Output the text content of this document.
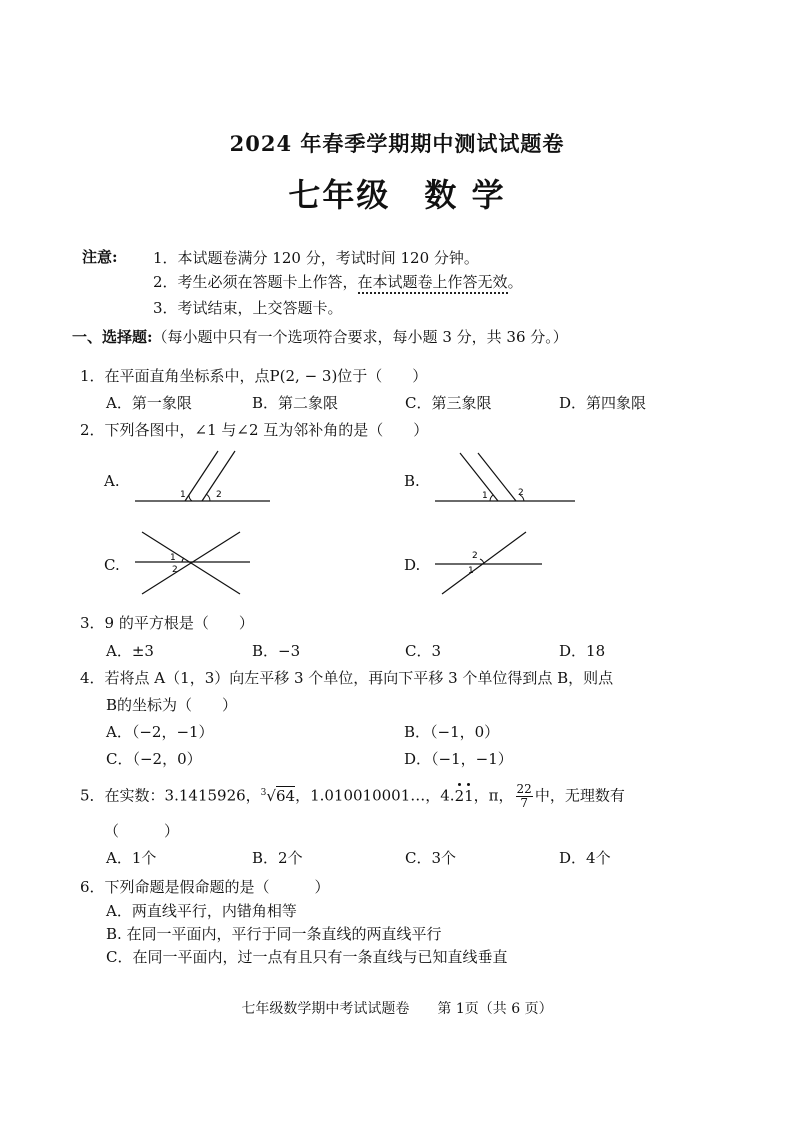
2024 年春季学期期中测试试题卷
七年级　数 学
注意: 1．本试题卷满分 120 分，考试时间 120 分钟。
2．考生必须在答题卡上作答，在本试题卷上作答无效。
3．考试结束，上交答题卡。
一、选择题:（每小题中只有一个选项符合要求，每小题 3 分，共 36 分。）
1．在平面直角坐标系中，点P(2, − 3)位于（　　）
A．第一象限	B．第二象限	C．第三象限	D．第四象限
2．下列各图中，∠1 与∠2 互为邻补角的是（　　）
A.
1	2
B.
1	2
C.	1
2	D.	2
1
3．9 的平方根是（　　）
A．±3	B．−3	C．3	D．18
4．若将点 A（1，3）向左平移 3 个单位，再向下平移 3 个单位得到点 B，则点
B的坐标为（　　）
A．（−2，−1）	B．（−1，0）
C．（−2，0）	D．（−1，−1）
5．在实数：3.1415926，$^3$√64，1.010010001…，4.2
1
，π， $\frac{22}{7}$ 中，无理数有
（　　　）
A．1个	B．2个	C．3个	D．4个
6．下列命题是假命题的是（　　　）
A．两直线平行，内错角相等
B. 在同一平面内，平行于同一条直线的两直线平行
C．在同一平面内，过一点有且只有一条直线与已知直线垂直
七年级数学期中考试试题卷　　第 1页（共 6 页）
